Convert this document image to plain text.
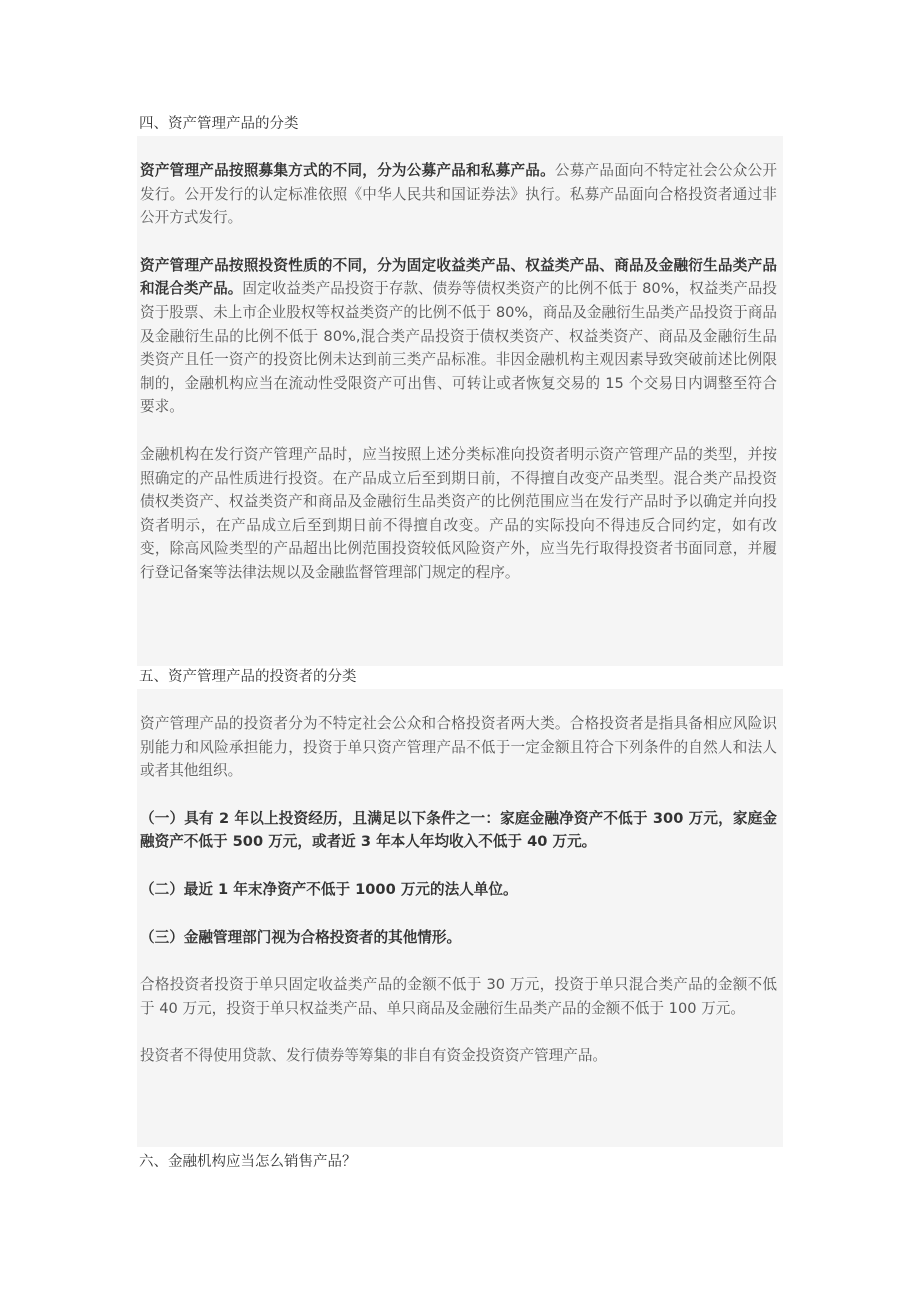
四、资产管理产品的分类

资产管理产品按照募集方式的不同，分为公募产品和私募产品。公募产品面向不特定社会公众公开发行。公开发行的认定标准依照《中华人民共和国证券法》执行。私募产品面向合格投资者通过非公开方式发行。

资产管理产品按照投资性质的不同，分为固定收益类产品、权益类产品、商品及金融衍生品类产品和混合类产品。固定收益类产品投资于存款、债券等债权类资产的比例不低于 80%，权益类产品投资于股票、未上市企业股权等权益类资产的比例不低于 80%，商品及金融衍生品类产品投资于商品及金融衍生品的比例不低于 80%,混合类产品投资于债权类资产、权益类资产、商品及金融衍生品类资产且任一资产的投资比例未达到前三类产品标准。非因金融机构主观因素导致突破前述比例限制的，金融机构应当在流动性受限资产可出售、可转让或者恢复交易的 15 个交易日内调整至符合要求。

金融机构在发行资产管理产品时，应当按照上述分类标准向投资者明示资产管理产品的类型，并按照确定的产品性质进行投资。在产品成立后至到期日前，不得擅自改变产品类型。混合类产品投资债权类资产、权益类资产和商品及金融衍生品类资产的比例范围应当在发行产品时予以确定并向投资者明示，在产品成立后至到期日前不得擅自改变。产品的实际投向不得违反合同约定，如有改变，除高风险类型的产品超出比例范围投资较低风险资产外，应当先行取得投资者书面同意，并履行登记备案等法律法规以及金融监督管理部门规定的程序。

五、资产管理产品的投资者的分类

资产管理产品的投资者分为不特定社会公众和合格投资者两大类。合格投资者是指具备相应风险识别能力和风险承担能力，投资于单只资产管理产品不低于一定金额且符合下列条件的自然人和法人或者其他组织。

（一）具有 2 年以上投资经历，且满足以下条件之一：家庭金融净资产不低于 300 万元，家庭金融资产不低于 500 万元，或者近 3 年本人年均收入不低于 40 万元。

（二）最近 1 年末净资产不低于 1000 万元的法人单位。

（三）金融管理部门视为合格投资者的其他情形。

合格投资者投资于单只固定收益类产品的金额不低于 30 万元，投资于单只混合类产品的金额不低于 40 万元，投资于单只权益类产品、单只商品及金融衍生品类产品的金额不低于 100 万元。

投资者不得使用贷款、发行债券等筹集的非自有资金投资资产管理产品。

六、金融机构应当怎么销售产品？
